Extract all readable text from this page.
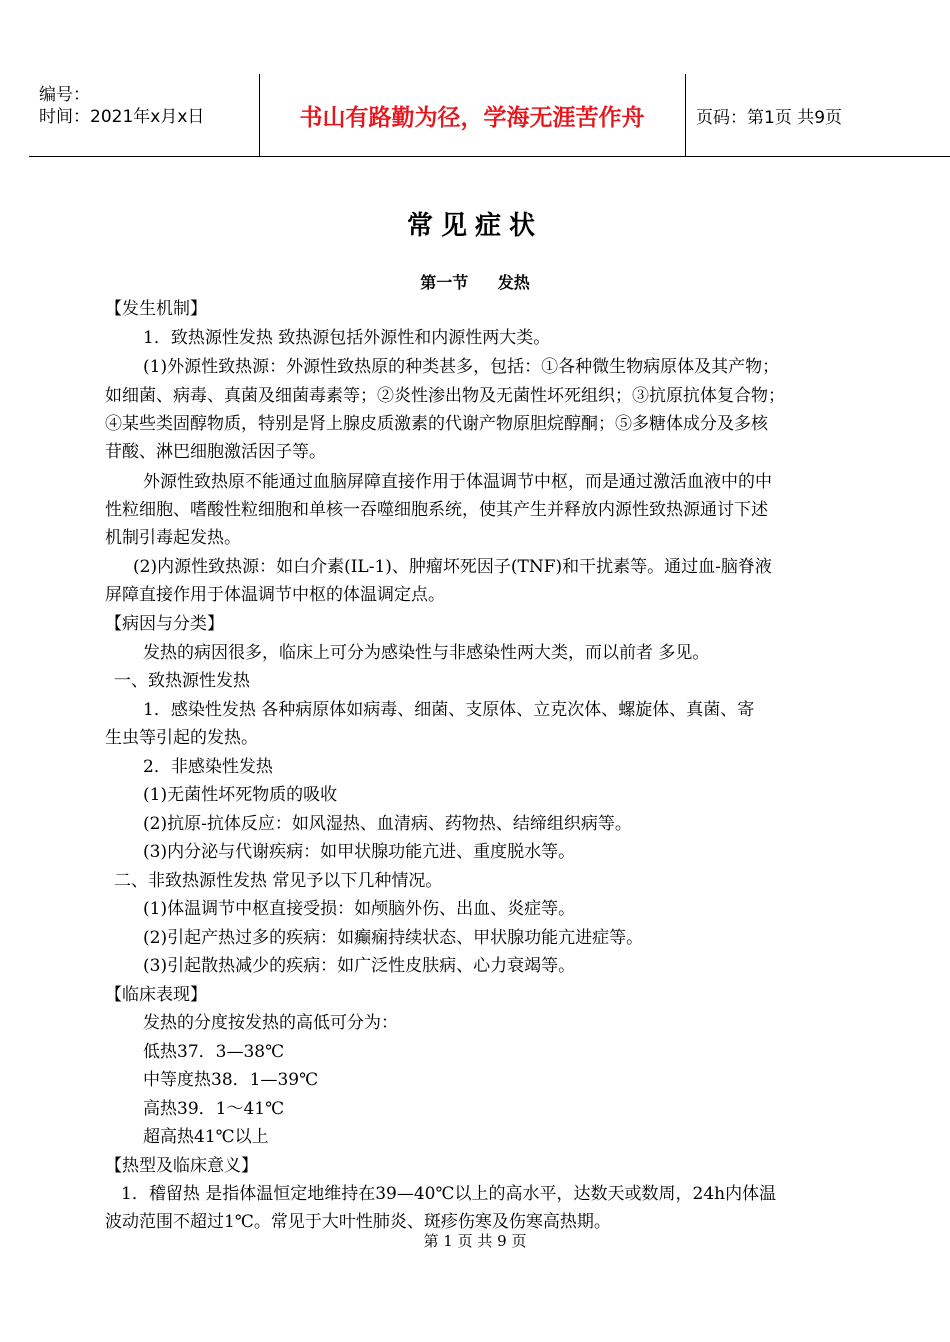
编号：
时间：2021年x月x日	书山有路勤为径，学海无涯苦作舟	页码：第1页 共9页
常见症状
第一节 发热
【发生机制】
1．致热源性发热 致热源包括外源性和内源性两大类。
(1)外源性致热源：外源性致热原的种类甚多，包括：①各种微生物病原体及其产物；
如细菌、病毒、真菌及细菌毒素等；②炎性渗出物及无菌性坏死组织；③抗原抗体复合物；
④某些类固醇物质，特别是肾上腺皮质激素的代谢产物原胆烷醇酮；⑤多糖体成分及多核
苷酸、淋巴细胞激活因子等。
外源性致热原不能通过血脑屏障直接作用于体温调节中枢，而是通过激活血液中的中
性粒细胞、嗜酸性粒细胞和单核一吞噬细胞系统，使其产生并释放内源性致热源通讨下述
机制引毒起发热。
(2)内源性致热源：如白介素(IL-1)、肿瘤坏死因子(TNF)和干扰素等。通过血-脑脊液
屏障直接作用于体温调节中枢的体温调定点。
【病因与分类】
发热的病因很多，临床上可分为感染性与非感染性两大类，而以前者 多见。
一、致热源性发热
1．感染性发热 各种病原体如病毒、细菌、支原体、立克次体、螺旋体、真菌、寄
生虫等引起的发热。
2．非感染性发热
(1)无菌性坏死物质的吸收
(2)抗原-抗体反应：如风湿热、血清病、药物热、结缔组织病等。
(3)内分泌与代谢疾病：如甲状腺功能亢进、重度脱水等。
二、非致热源性发热 常见予以下几种情况。
(1)体温调节中枢直接受损：如颅脑外伤、出血、炎症等。
(2)引起产热过多的疾病：如癫痫持续状态、甲状腺功能亢进症等。
(3)引起散热减少的疾病：如广泛性皮肤病、心力衰竭等。
【临床表现】
发热的分度按发热的高低可分为：
低热37．3—38℃
中等度热38．1—39℃
高热39．1～41℃
超高热41℃以上
【热型及临床意义】
1．稽留热 是指体温恒定地维持在39—40℃以上的高水平，达数天或数周，24h内体温
波动范围不超过1℃。常见于大叶性肺炎、斑疹伤寒及伤寒高热期。
第 1 页 共 9 页
